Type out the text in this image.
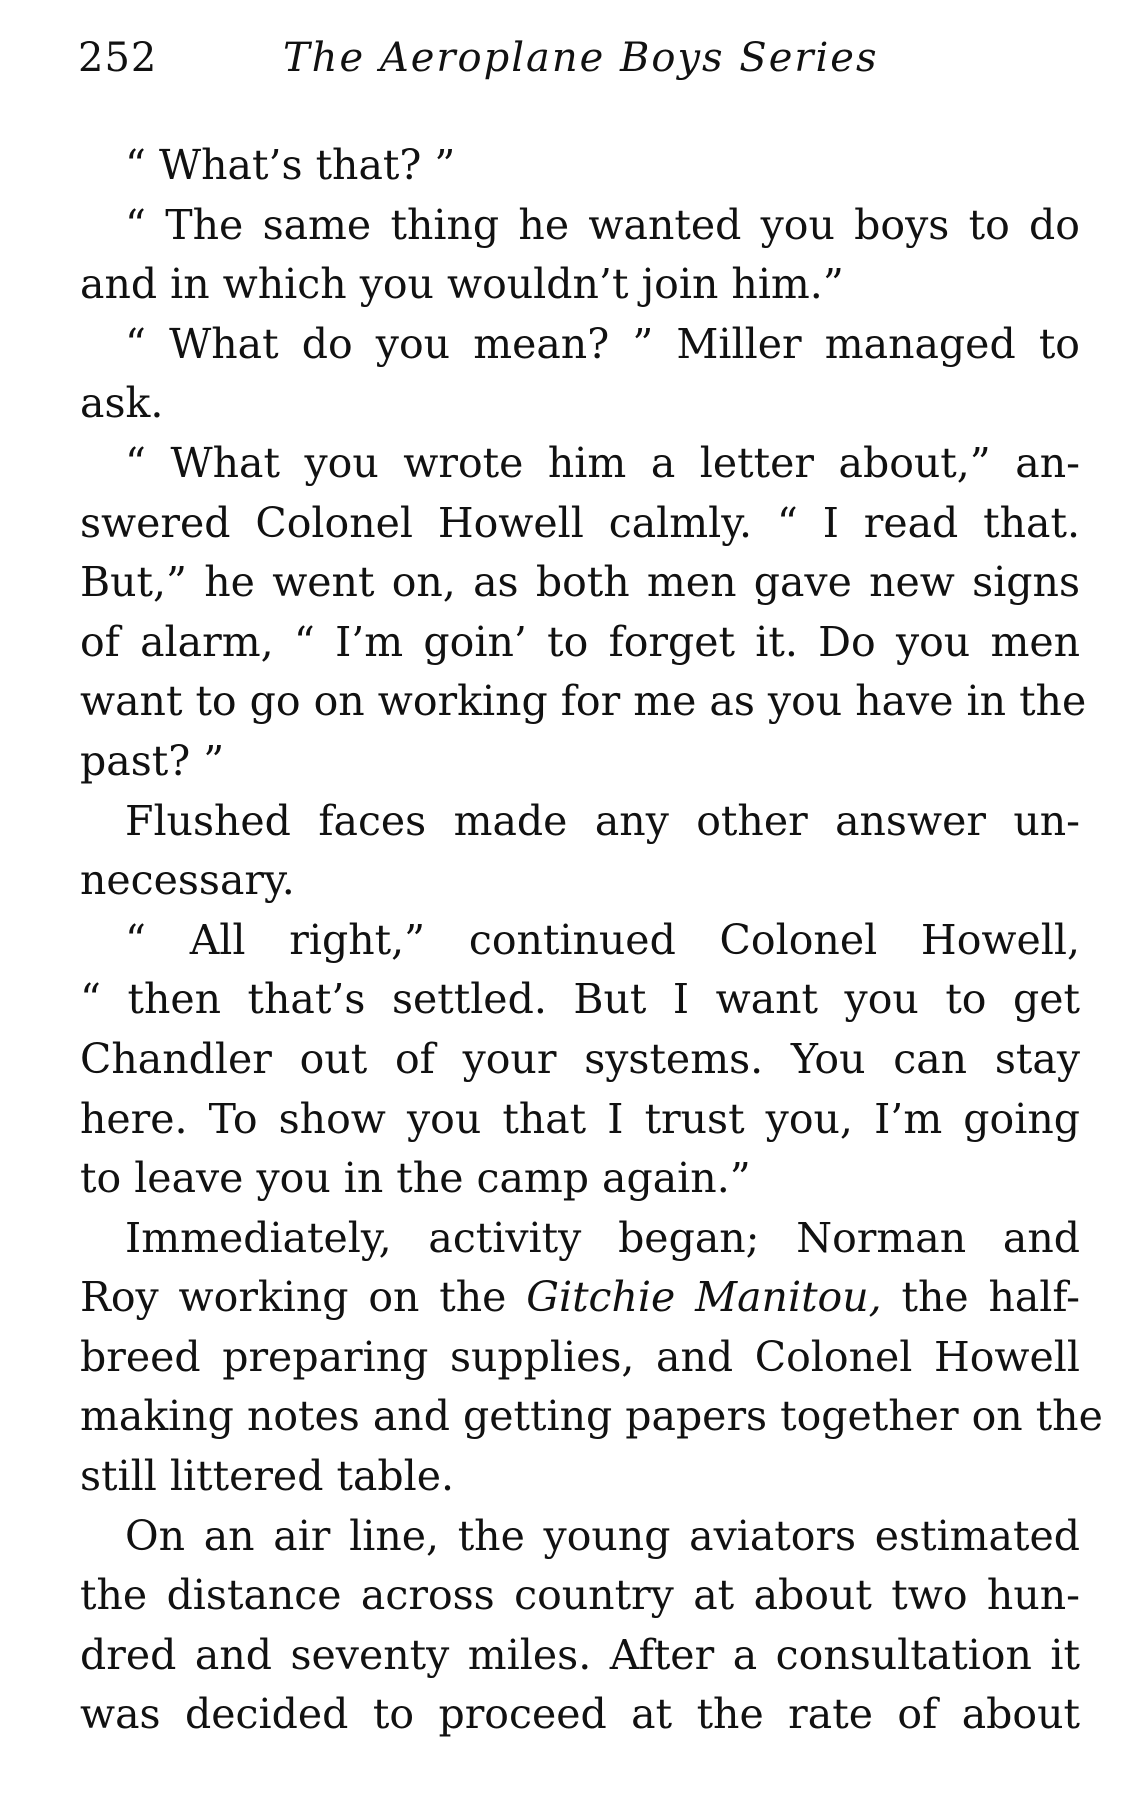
252	The Aeroplane Boys Series
“ What’s that? ”
“ The same thing he wanted you boys to do
and in which you wouldn’t join him.”
“ What do you mean? ” Miller managed to
ask.
“ What you wrote him a letter about,” an-
swered Colonel Howell calmly. “ I read that.
But,” he went on, as both men gave new signs
of alarm, “ I’m goin’ to forget it. Do you men
want to go on working for me as you have in the
past? ”
Flushed faces made any other answer un-
necessary.
“ All right,” continued Colonel Howell,
“ then that’s settled. But I want you to get
Chandler out of your systems. You can stay
here. To show you that I trust you, I’m going
to leave you in the camp again.”
Immediately, activity began; Norman and
Roy working on the Gitchie Manitou, the half-
breed preparing supplies, and Colonel Howell
making notes and getting papers together on the
still littered table.
On an air line, the young aviators estimated
the distance across country at about two hun-
dred and seventy miles. After a consultation it
was decided to proceed at the rate of about
